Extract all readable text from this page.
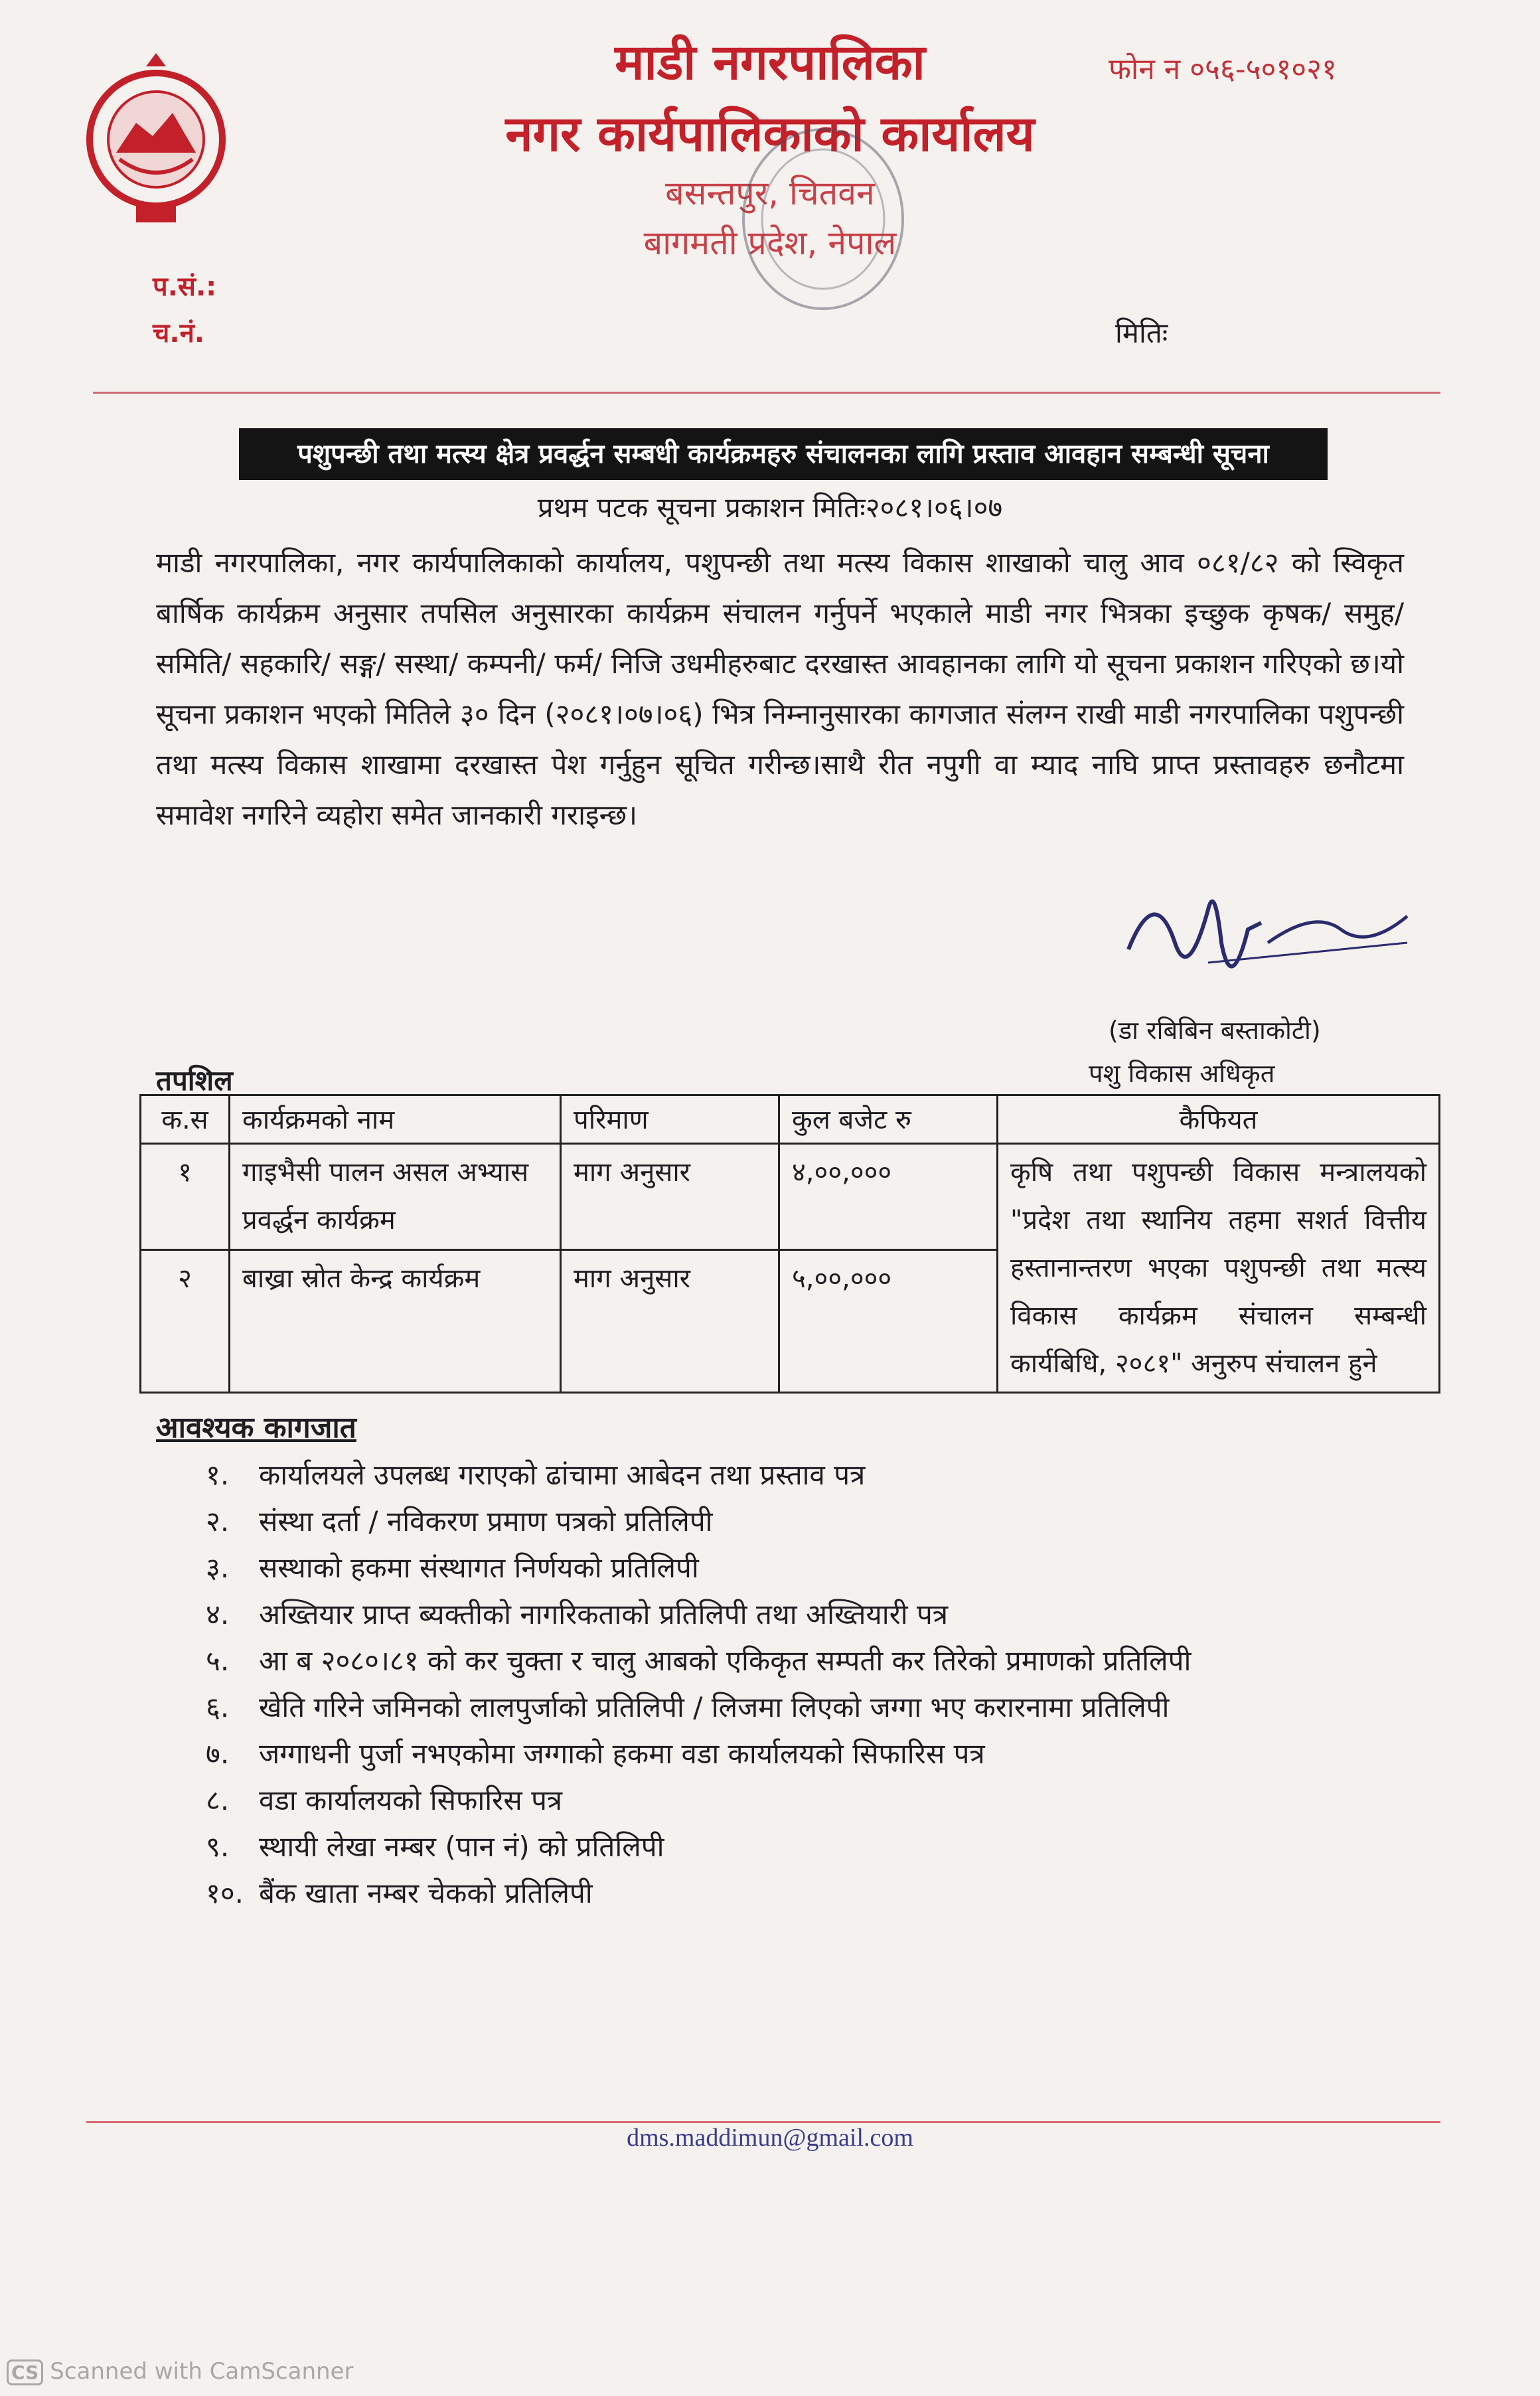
माडी नगरपालिका
नगर कार्यपालिकाको कार्यालय
बसन्तपुर, चितवन
बागमती प्रदेश, नेपाल
फोन न ०५६-५०१०२१
प.सं.:
च.नं.	मितिः
पशुपन्छी तथा मत्स्य क्षेत्र प्रवर्द्धन सम्बधी कार्यक्रमहरु संचालनका लागि प्रस्ताव आवहान सम्बन्धी सूचना
प्रथम पटक सूचना प्रकाशन मितिः२०८१।०६।०७
माडी नगरपालिका, नगर कार्यपालिकाको कार्यालय, पशुपन्छी तथा मत्स्य विकास शाखाको चालु आव ०८१/८२ को स्विकृत बार्षिक कार्यक्रम अनुसार तपसिल अनुसारका कार्यक्रम संचालन गर्नुपर्ने भएकाले माडी नगर भित्रका इच्छुक कृषक/ समुह/ समिति/ सहकारि/ सङ्ग/ सस्था/ कम्पनी/ फर्म/ निजि उधमीहरुबाट दरखास्त आवहानका लागि यो सूचना प्रकाशन गरिएको छ।यो सूचना प्रकाशन भएको मितिले ३० दिन (२०८१।०७।०६) भित्र निम्नानुसारका कागजात संलग्न राखी माडी नगरपालिका पशुपन्छी तथा मत्स्य विकास शाखामा दरखास्त पेश गर्नुहुन सूचित गरीन्छ।साथै रीत नपुगी वा म्याद नाघि प्राप्त प्रस्तावहरु छनौटमा समावेश नगरिने व्यहोरा समेत जानकारी गराइन्छ।
(डा रबिबिन बस्ताकोटी)
पशु विकास अधिकृत
तपशिल
क.स	कार्यक्रमको नाम	परिमाण	कुल बजेट रु	कैफियत
१	गाइभैसी पालन असल अभ्यास प्रवर्द्धन कार्यक्रम	माग अनुसार	४,००,०००	कृषि तथा पशुपन्छी विकास मन्त्रालयको "प्रदेश तथा स्थानिय तहमा सशर्त वित्तीय हस्तानान्तरण भएका पशुपन्छी तथा मत्स्य विकास कार्यक्रम संचालन सम्बन्धी कार्यबिधि, २०८१" अनुरुप संचालन हुने
२	बाख्रा स्रोत केन्द्र कार्यक्रम	माग अनुसार	५,००,०००	
आवश्यक कागजात
१. कार्यालयले उपलब्ध गराएको ढांचामा आबेदन तथा प्रस्ताव पत्र
२. संस्था दर्ता / नविकरण प्रमाण पत्रको प्रतिलिपी
३. सस्थाको हकमा संस्थागत निर्णयको प्रतिलिपी
४. अख्तियार प्राप्त ब्यक्तीको नागरिकताको प्रतिलिपी तथा अख्तियारी पत्र
५. आ ब २०८०।८१ को कर चुक्ता र चालु आबको एकिकृत सम्पती कर तिरेको प्रमाणको प्रतिलिपी
६. खेति गरिने जमिनको लालपुर्जाको प्रतिलिपी / लिजमा लिएको जग्गा भए करारनामा प्रतिलिपी
७. जग्गाधनी पुर्जा नभएकोमा जग्गाको हकमा वडा कार्यालयको सिफारिस पत्र
८. वडा कार्यालयको सिफारिस पत्र
९. स्थायी लेखा नम्बर (पान नं) को प्रतिलिपी
१०. बैंक खाता नम्बर चेकको प्रतिलिपी
dms.maddimun@gmail.com
CS Scanned with CamScanner
